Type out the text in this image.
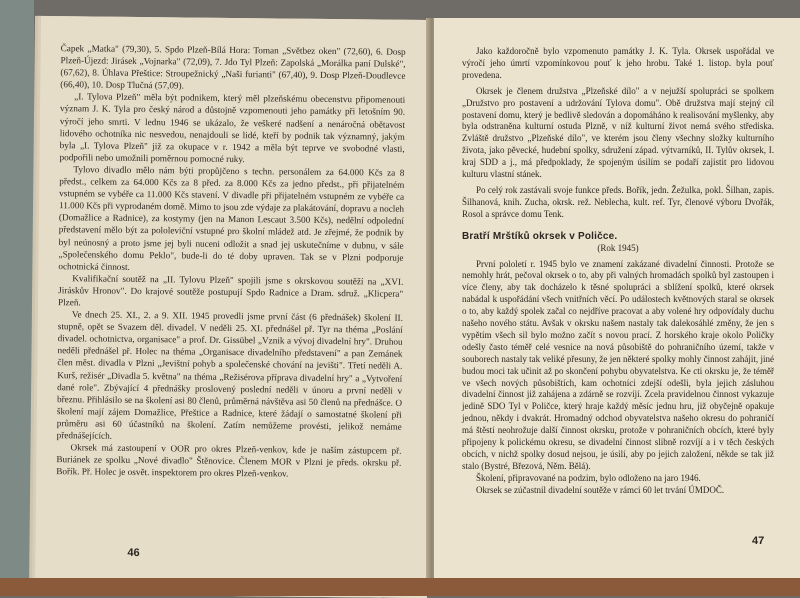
Čapek „Matka" (79,30), 5. Spdo Plzeň-Bílá Hora: Toman „Světbez oken" (72,60), 6. Dosp Plzeň-Újezd: Jirásek „Vojnarka" (72,09), 7. Jdo Tyl Plzeň: Zapolská „Morálka paní Dulské", (67,62), 8. Úhlava Přeštice: Stroupežnický „Naši furianti" (67,40), 9. Dosp Plzeň-Doudlevce (66,40), 10. Dosp Tlučná (57,09).

„I. Tylova Plzeň" měla být podnikem, který měl plzeňskému obecenstvu připomenouti význam J. K. Tyla pro český národ a důstojně vzpomenouti jeho památky při letošním 90. výročí jeho smrti. V lednu 1946 se ukázalo, že veškeré nadšení a nenáročná obětavost lidového ochotníka nic nesvedou, nenajdouli se lidé, kteří by podnik tak významný, jakým byla „I. Tylova Plzeň" již za okupace v r. 1942 a měla být teprve ve svobodné vlasti, podpořili nebo umožnili poměrnou pomocné ruky.

Tylovo divadlo mělo nám býti propůjčeno s techn. personálem za 64.000 Kčs za 8 předst., celkem za 64.000 Kčs za 8 před. za 8.000 Kčs za jedno předst., při přijatelném vstupném se vybéře ca 11.000 Kčs stavení. V divadle při přijatelném vstupném ze vybéře ca 11.000 Kčs při vyprodaném domě. Mimo to jsou zde výdaje za plakátování, dopravu a nocleh (Domažlice a Radnice), za kostymy (jen na Manon Lescaut 3.500 Kčs), nedělní odpolední představení mělo být za pololeviční vstupné pro školní mládež atd. Je zřejmé, že podnik by byl neúnosný a proto jsme jej byli nuceni odložit a snad jej uskutečníme v dubnu, v sále „Společenského domu Peklo", bude-li do té doby upraven. Tak se v Plzni podporuje ochotnická činnost.

Kvalifikační soutěž na „II. Tylovu Plzeň" spojili jsme s okrskovou soutěží na „XVI. Jiráskův Hronov". Do krajové soutěže postupují Spdo Radnice a Dram. sdruž. „Klicpera" Plzeň.

Ve dnech 25. XI., 2. a 9. XII. 1945 provedli jsme první část (6 přednášek) školení II. stupně, opět se Svazem děl. divadel. V neděli 25. XI. přednášel př. Tyr na théma „Poslání divadel. ochotnictva, organisace" a prof. Dr. Gissübel „Vznik a vývoj divadelní hry". Druhou neděli přednášel př. Holec na théma „Organisace divadelního představení" a pan Zemánek člen měst. divadla v Plzni „Jevištní pohyb a společenské chování na jevišti". Třetí neděli A. Kurš, režisér „Divadla 5. května" na théma „Režisérova příprava divadelní hry" a „Vytvoření dané role". Zbývající 4 přednášky proslovený poslední neděli v únoru a první neděli v březnu. Přihlásilo se na školení asi 80 členů, průměrná návštěva asi 50 členů na přednášce. O školení mají zájem Domažlice, Přeštice a Radnice, které žádají o samostatné školení při průměru asi 60 účastníků na školení. Zatím nemůžeme provésti, jelikož nemáme přednášejících.

Okrsek má zastoupení v OOR pro okres Plzeň-venkov, kde je naším zástupcem př. Buriánek ze spolku „Nové divadlo" Štěnovice. Členem MOR v Plzni je předs. okrsku př. Bořík. Př. Holec je osvět. inspektorem pro okres Plzeň-venkov.

46

Jako každoročně bylo vzpomenuto památky J. K. Tyla. Okrsek uspořádal ve výročí jeho úmrtí vzpomínkovou pouť k jeho hrobu. Také 1. listop. byla pouť provedena.

Okrsek je členem družstva „Plzeňské dílo" a v nejužší spolupráci se spolkem „Družstvo pro postavení a udržování Tylova domu". Obě družstva mají stejný cíl postavení domu, který je bedlivě sledován a dopomáháno k realisování myšlenky, aby byla odstraněna kulturní ostuda Plzně, v níž kulturní život nemá svého střediska. Zvláště družstvo „Plzeňské dílo", ve kterém jsou členy všechny složky kulturního života, jako pěvecké, hudební spolky, sdružení západ. výtvarníků, II. Tylův okrsek, I. kraj SDD a j., má předpoklady, že spojeným úsilím se podaří zajistit pro lidovou kulturu vlastní stánek.

Po celý rok zastávali svoje funkce předs. Bořík, jedn. Žežulka, pokl. Šilhan, zapis. Šilhanová, knih. Zucha, okrsk. rež. Neblecha, kult. ref. Tyr, členové výboru Dvořák, Rosol a správce domu Tenk.

Bratří Mrštíků okrsek v Poličce.

(Rok 1945)

První pololetí r. 1945 bylo ve znamení zakázané divadelní činnosti. Protože se nemohly hrát, pečoval okrsek o to, aby při valných hromadách spolků byl zastoupen i více členy, aby tak docházelo k těsné spolupráci a sblížení spolků, které okrsek nabádal k uspořádání všech vnitřních věcí. Po událostech květnových staral se okrsek o to, aby každý spolek začal co nejdříve pracovat a aby volené hry odpovídaly duchu našeho nového státu. Avšak v okrsku našem nastaly tak dalekosáhlé změny, že jen s vypětím všech sil bylo možno začít s novou prací. Z horského kraje okolo Poličky odešly často téměř celé vesnice na nová působiště do pohraničního území, takže v souborech nastaly tak veliké přesuny, že jen některé spolky mohly činnost zahájit, jiné budou moci tak učinit až po skončení pohybu obyvatelstva. Ke cti okrsku je, že téměř ve všech nových působištích, kam ochotníci zdejší odešli, byla jejich zásluhou divadelní činnost již zahájena a zdárně se rozvíjí. Zcela pravidelnou činnost vykazuje jedině SDO Tyl v Poličce, který hraje každý měsíc jednu hru, již obyčejně opakuje jednou, někdy i dvakrát. Hromadný odchod obyvatelstva našeho okresu do pohraničí má štěstí neohrožuje další činnost okrsku, protože v pohraničních obcích, které byly připojeny k polickému okresu, se divadelní činnost slibně rozvíjí a i v těch českých obcích, v nichž spolky dosud nejsou, je úsilí, aby po jejich založení, někde se tak již stalo (Bystré, Březová, Něm. Bělá).

Školení, připravované na podzim, bylo odloženo na jaro 1946.

Okrsek se zúčastnil divadelní soutěže v rámci 60 let trvání ÚMDOČ.

47
